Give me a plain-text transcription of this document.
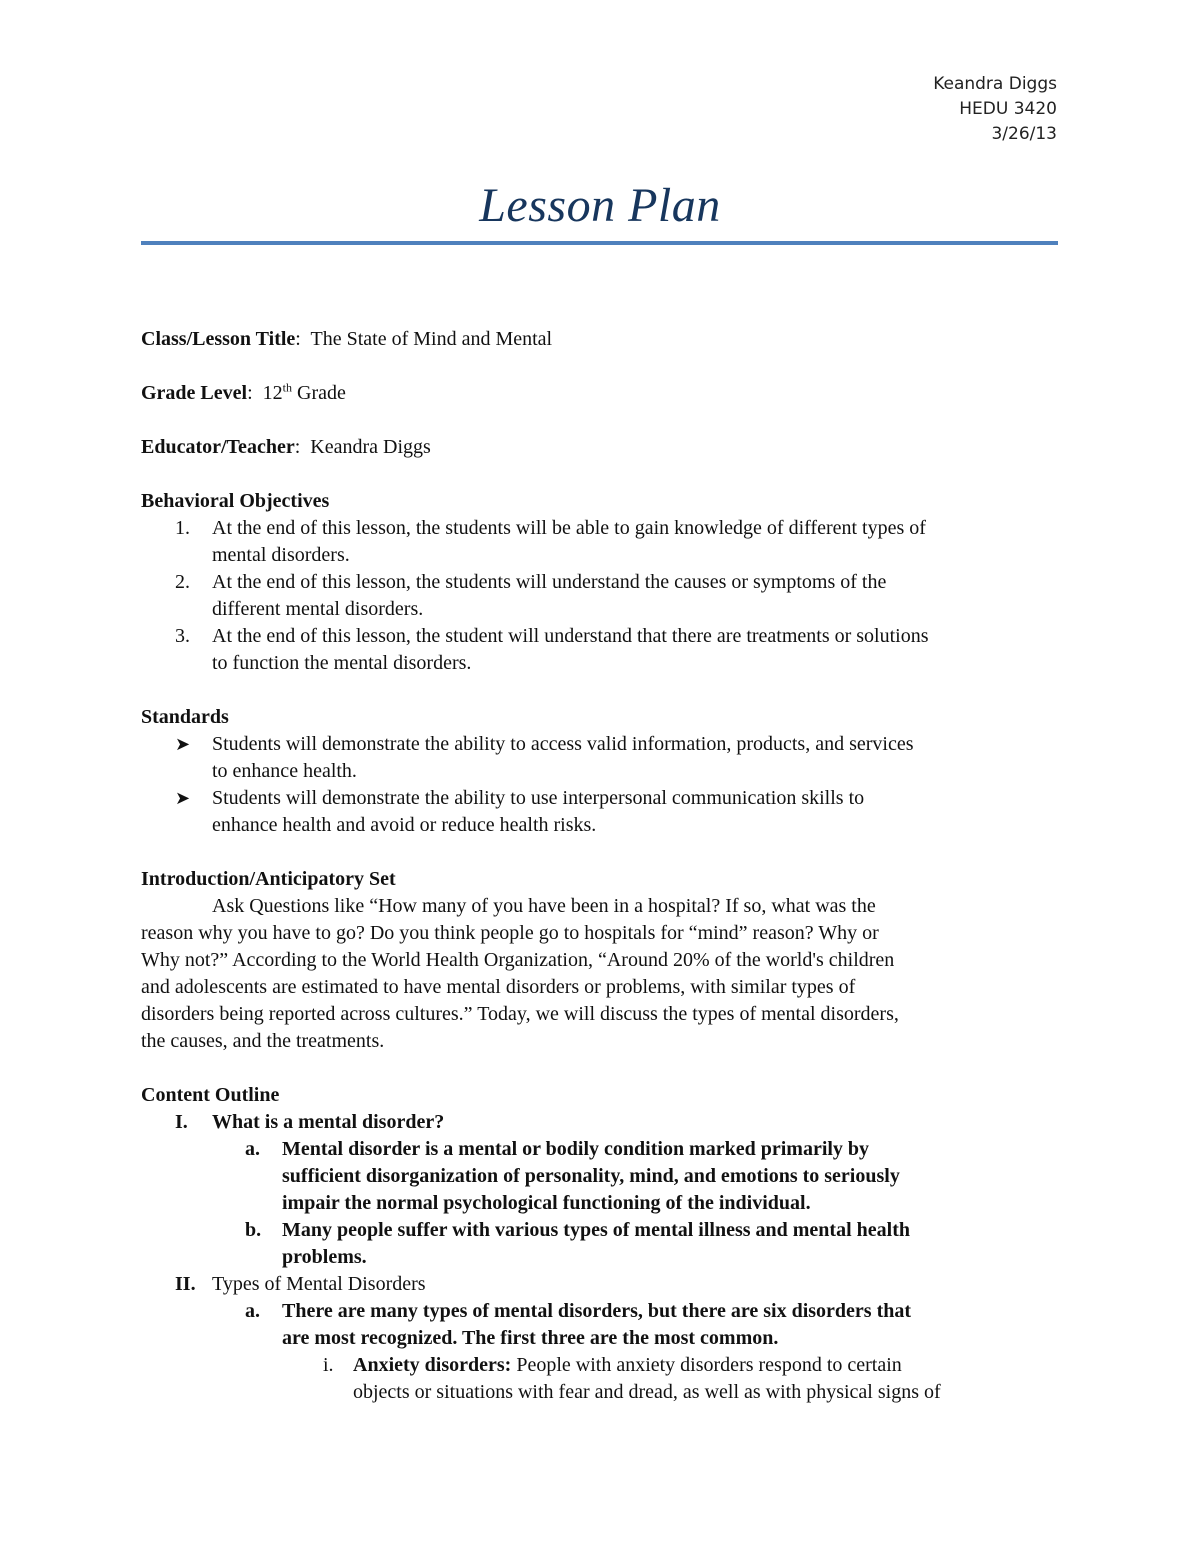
Keandra Diggs
HEDU 3420
3/26/13
Lesson Plan

Class/Lesson Title:  The State of Mind and Mental

Grade Level:  12th Grade

Educator/Teacher:  Keandra Diggs

Behavioral Objectives

1. At the end of this lesson, the students will be able to gain knowledge of different types of
mental disorders.
2. At the end of this lesson, the students will understand the causes or symptoms of the
different mental disorders.
3. At the end of this lesson, the student will understand that there are treatments or solutions
to function the mental disorders.

Standards

➤ Students will demonstrate the ability to access valid information, products, and services
to enhance health.
➤ Students will demonstrate the ability to use interpersonal communication skills to
enhance health and avoid or reduce health risks.

Introduction/Anticipatory Set

Ask Questions like “How many of you have been in a hospital? If so, what was the

reason why you have to go? Do you think people go to hospitals for “mind” reason? Why or

Why not?” According to the World Health Organization, “Around 20% of the world's children

and adolescents are estimated to have mental disorders or problems, with similar types of

disorders being reported across cultures.” Today, we will discuss the types of mental disorders,

the causes, and the treatments.

Content Outline

I. What is a mental disorder?
a. Mental disorder is a mental or bodily condition marked primarily by
sufficient disorganization of personality, mind, and emotions to seriously
impair the normal psychological functioning of the individual.
b. Many people suffer with various types of mental illness and mental health
problems.
II. Types of Mental Disorders
a. There are many types of mental disorders, but there are six disorders that
are most recognized. The first three are the most common.
i. Anxiety disorders: People with anxiety disorders respond to certain
objects or situations with fear and dread, as well as with physical signs of
